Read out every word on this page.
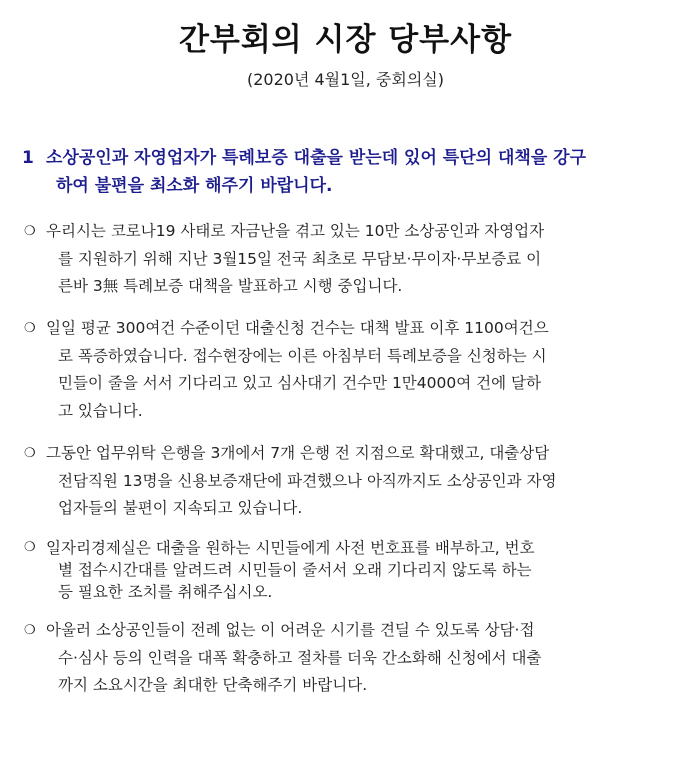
간부회의 시장 당부사항
(2020년 4월1일, 중회의실)
1 소상공인과 자영업자가 특례보증 대출을 받는데 있어 특단의 대책을 강구
하여 불편을 최소화 해주기 바랍니다.
❍ 우리시는 코로나19 사태로 자금난을 겪고 있는 10만 소상공인과 자영업자
를 지원하기 위해 지난 3월15일 전국 최초로 무담보·무이자·무보증료 이
른바 3無 특례보증 대책을 발표하고 시행 중입니다.
❍ 일일 평균 300여건 수준이던 대출신청 건수는 대책 발표 이후 1100여건으
로 폭증하였습니다. 접수현장에는 이른 아침부터 특례보증을 신청하는 시
민들이 줄을 서서 기다리고 있고 심사대기 건수만 1만4000여 건에 달하
고 있습니다.
❍ 그동안 업무위탁 은행을 3개에서 7개 은행 전 지점으로 확대했고, 대출상담
전담직원 13명을 신용보증재단에 파견했으나 아직까지도 소상공인과 자영
업자들의 불편이 지속되고 있습니다.
❍ 일자리경제실은 대출을 원하는 시민들에게 사전 번호표를 배부하고, 번호
별 접수시간대를 알려드려 시민들이 줄서서 오래 기다리지 않도록 하는
등 필요한 조치를 취해주십시오.
❍ 아울러 소상공인들이 전례 없는 이 어려운 시기를 견딜 수 있도록 상담·접
수·심사 등의 인력을 대폭 확충하고 절차를 더욱 간소화해 신청에서 대출
까지 소요시간을 최대한 단축해주기 바랍니다.
